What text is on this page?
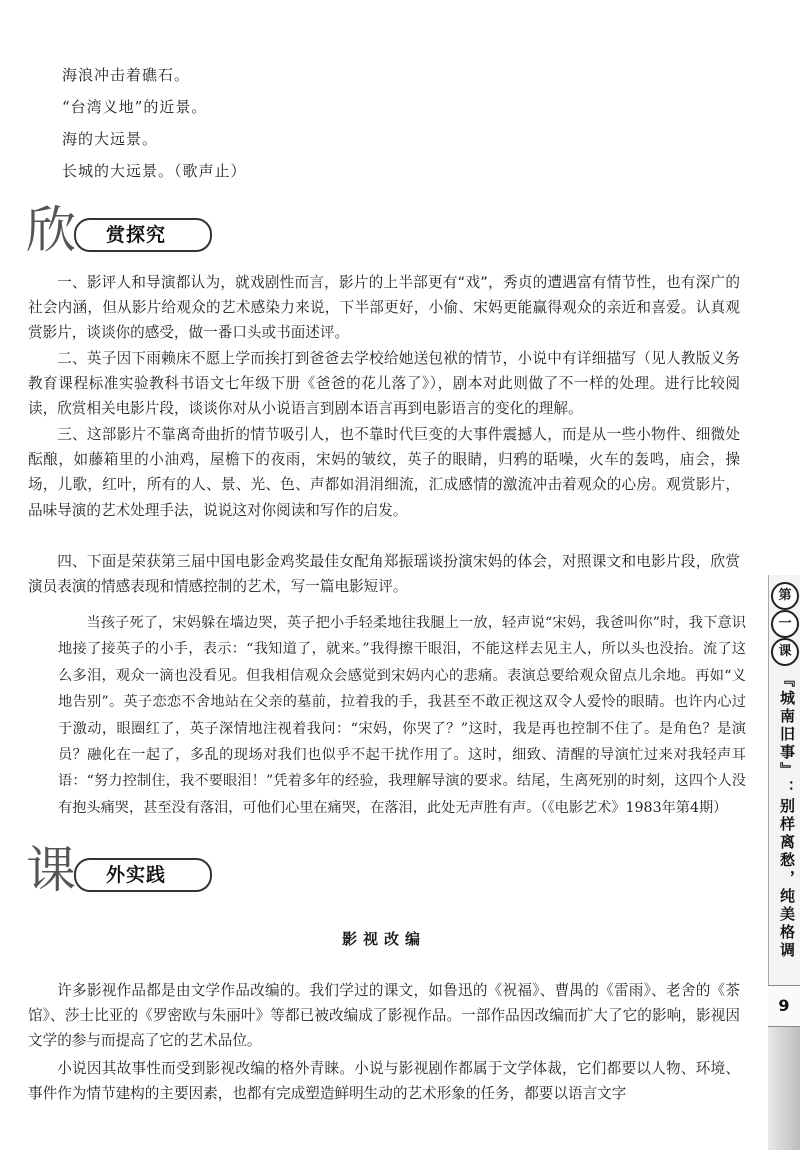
海浪冲击着礁石。
“台湾义地”的近景。
海的大远景。
长城的大远景。（歌声止）
欣 赏探究

一、影评人和导演都认为，就戏剧性而言，影片的上半部更有“戏”，秀贞的遭遇富有情节性，也有深广的社会内涵，但从影片给观众的艺术感染力来说，下半部更好，小偷、宋妈更能赢得观众的亲近和喜爱。认真观赏影片，谈谈你的感受，做一番口头或书面述评。

二、英子因下雨赖床不愿上学而挨打到爸爸去学校给她送包袱的情节，小说中有详细描写（见人教版义务教育课程标准实验教科书语文七年级下册《爸爸的花儿落了》），剧本对此则做了不一样的处理。进行比较阅读，欣赏相关电影片段，谈谈你对从小说语言到剧本语言再到电影语言的变化的理解。

三、这部影片不靠离奇曲折的情节吸引人，也不靠时代巨变的大事件震撼人，而是从一些小物件、细微处酝酿，如藤箱里的小油鸡，屋檐下的夜雨，宋妈的皱纹，英子的眼睛，归鸦的聒噪，火车的轰鸣，庙会，操场，儿歌，红叶，所有的人、景、光、色、声都如涓涓细流，汇成感情的激流冲击着观众的心房。观赏影片，品味导演的艺术处理手法，说说这对你阅读和写作的启发。

四、下面是荣获第三届中国电影金鸡奖最佳女配角郑振瑶谈扮演宋妈的体会，对照课文和电影片段，欣赏演员表演的情感表现和情感控制的艺术，写一篇电影短评。

当孩子死了，宋妈躲在墙边哭，英子把小手轻柔地往我腿上一放，轻声说“宋妈，我爸叫你”时，我下意识地接了接英子的小手，表示：“我知道了，就来。”我得擦干眼泪，不能这样去见主人，所以头也没抬。流了这么多泪，观众一滴也没看见。但我相信观众会感觉到宋妈内心的悲痛。表演总要给观众留点儿余地。再如“义地告别”。英子恋恋不舍地站在父亲的墓前，拉着我的手，我甚至不敢正视这双令人爱怜的眼睛。也许内心过于激动，眼圈红了，英子深情地注视着我问：“宋妈，你哭了？”这时，我是再也控制不住了。是角色？是演员？融化在一起了，多乱的现场对我们也似乎不起干扰作用了。这时，细致、清醒的导演忙过来对我轻声耳语：“努力控制住，我不要眼泪！”凭着多年的经验，我理解导演的要求。结尾，生离死别的时刻，这四个人没有抱头痛哭，甚至没有落泪，可他们心里在痛哭，在落泪，此处无声胜有声。（《电影艺术》1983年第4期）

课 外实践
影视改编

许多影视作品都是由文学作品改编的。我们学过的课文，如鲁迅的《祝福》、曹禺的《雷雨》、老舍的《茶馆》、莎士比亚的《罗密欧与朱丽叶》等都已被改编成了影视作品。一部作品因改编而扩大了它的影响，影视因文学的参与而提高了它的艺术品位。

小说因其故事性而受到影视改编的格外青睐。小说与影视剧作都属于文学体裁，它们都要以人物、环境、事件作为情节建构的主要因素，也都有完成塑造鲜明生动的艺术形象的任务，都要以语言文字

第
一
课
『城南旧事』：别样离愁，纯美格调
9
